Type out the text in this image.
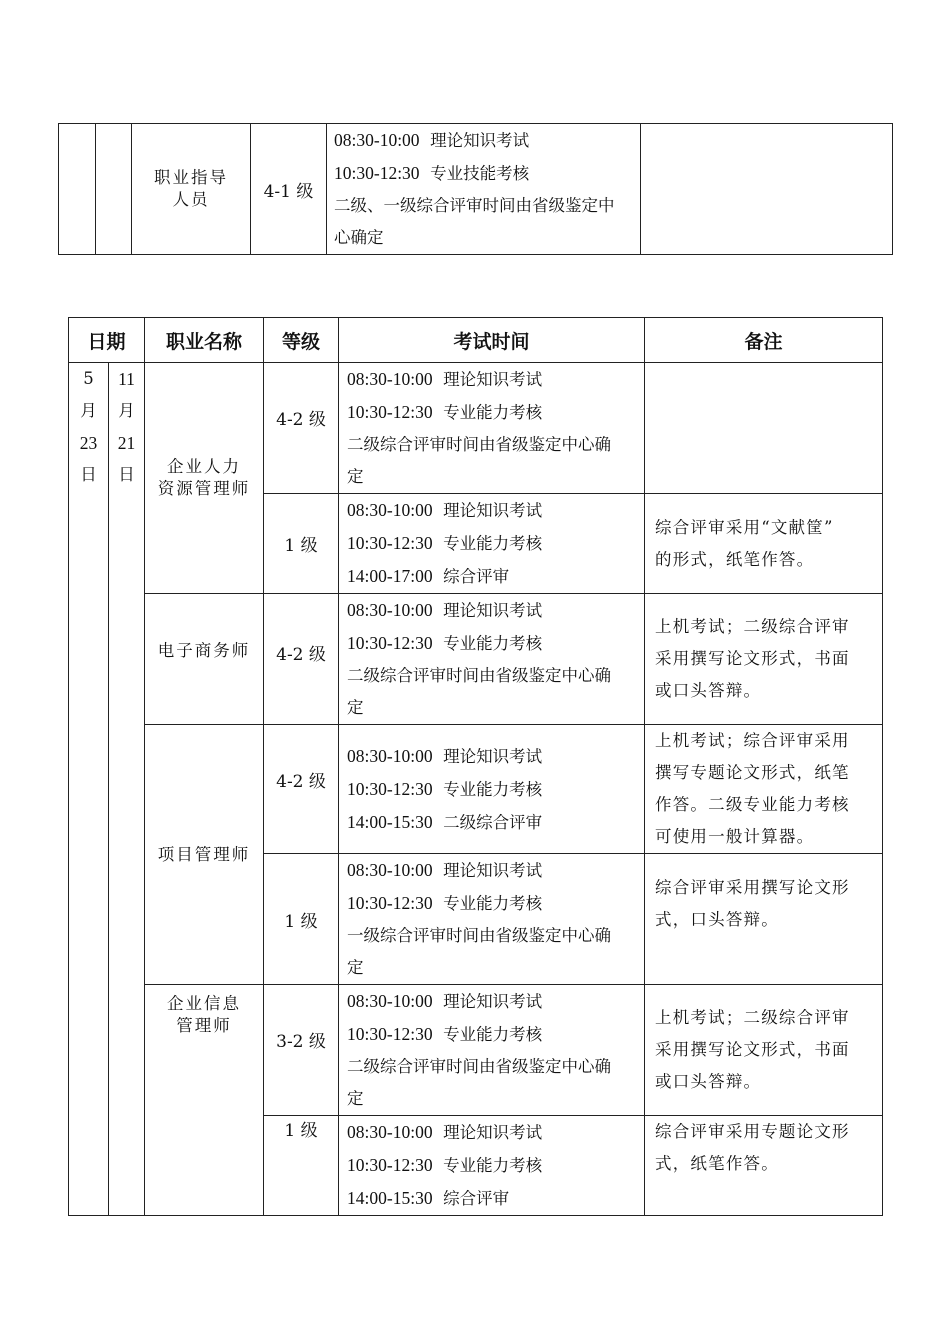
职业指导
人员	4-1 级	
08:30-10:00 理论知识考试
10:30-12:30 专业技能考核
二级、一级综合评审时间由省级鉴定中
心确定

日期		职业名称	等级	考试时间	备注

5
月
23
日	11
月
21
日	企业人力
资源管理师	4-2 级	08:30-10:00 理论知识考试
10:30-12:30 专业能力考核
二级综合评审时间由省级鉴定中心确
定	

			1 级	08:30-10:00 理论知识考试
10:30-12:30 专业能力考核
14:00-17:00 综合评审	综合评审采用“文献筐”
的形式，纸笔作答。

		电子商务师	4-2 级	08:30-10:00 理论知识考试
10:30-12:30 专业能力考核
二级综合评审时间由省级鉴定中心确
定	上机考试；二级综合评审
采用撰写论文形式，书面
或口头答辩。

		项目管理师	4-2 级	08:30-10:00 理论知识考试
10:30-12:30 专业能力考核
14:00-15:30 二级综合评审	上机考试；综合评审采用
撰写专题论文形式，纸笔
作答。二级专业能力考核
可使用一般计算器。

			1 级	08:30-10:00 理论知识考试
10:30-12:30 专业能力考核
一级综合评审时间由省级鉴定中心确
定	综合评审采用撰写论文形
式，口头答辩。

		企业信息
管理师	3-2 级	08:30-10:00 理论知识考试
10:30-12:30 专业能力考核
二级综合评审时间由省级鉴定中心确
定	上机考试；二级综合评审
采用撰写论文形式，书面
或口头答辩。

			1 级	08:30-10:00 理论知识考试
10:30-12:30 专业能力考核
14:00-15:30 综合评审	综合评审采用专题论文形
式，纸笔作答。
